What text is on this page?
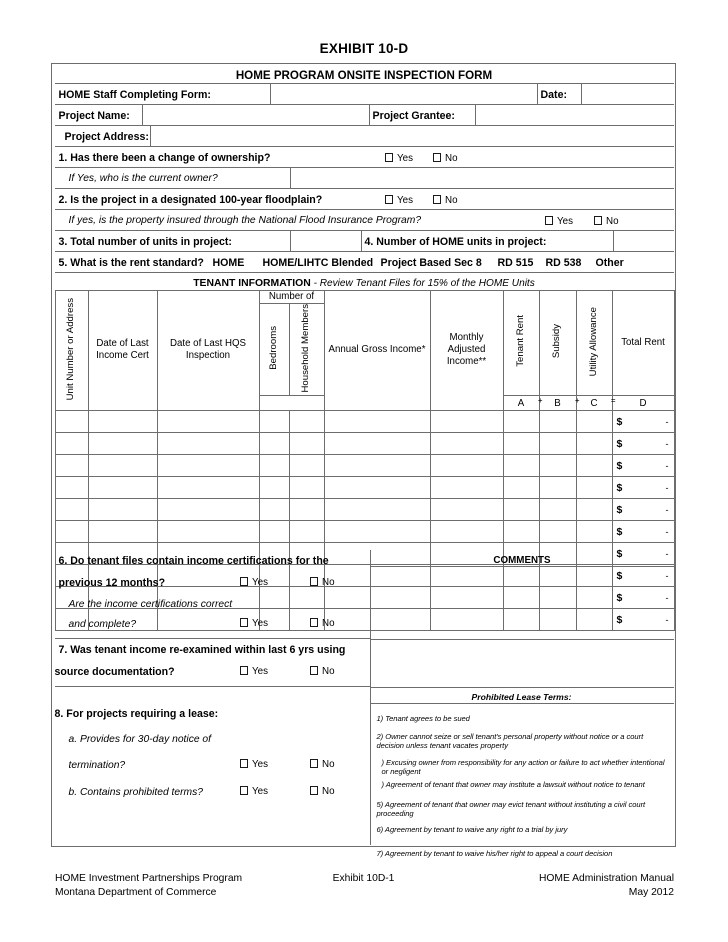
EXHIBIT 10-D
HOME PROGRAM ONSITE INSPECTION FORM
HOME Staff Completing Form:	Date:
Project Name:	Project Grantee:
Project Address:
1. Has there been a change of ownership?	Yes	No
If Yes, who is the current owner?
2. Is the project in a designated 100-year floodplain?	Yes	No
If yes, is the property insured through the National Flood Insurance Program?	Yes	No
3. Total number of units in project:	4. Number of HOME units in project:
5. What is the rent standard? HOME HOME/LIHTC Blended Project Based Sec 8 RD 515 RD 538 Other
TENANT INFORMATION - Review Tenant Files for 15% of the HOME Units
Unit Number or Address	Date of Last Income Cert	Date of Last HQS Inspection	Number of		Annual Gross Income*	Monthly Adjusted Income**	Tenant Rent	Subsidy	Utility Allowance	Total Rent
			Bedrooms	Household Members						
							A +	B +	C =	D

										$ -

										$ -

										$ -

										$ -

										$ -

										$ -

										$ -

										$ -

										$ -

										$ -
COMMENTS
6. Do tenant files contain income certifications for the
previous 12 months?	Yes	No
Are the income certifications correct
and complete?	Yes	No
7. Was tenant income re-examined within last 6 yrs using
source documentation?	Yes	No
Prohibited Lease Terms:
8. For projects requiring a lease:
a. Provides for 30-day notice of
termination?	Yes	No
b. Contains prohibited terms?	Yes	No
1) Tenant agrees to be sued
2) Owner cannot seize or sell tenant's personal property without notice or a court decision unless tenant vacates property
) Excusing owner from responsibility for any action or failure to act whether intentional or negligent
) Agreement of tenant that owner may institute a lawsuit without notice to tenant
5) Agreement of tenant that owner may evict tenant without instituting a civil court proceeding
6) Agreement by tenant to waive any right to a trial by jury
7) Agreement by tenant to waive his/her right to appeal a court decision
HOME Investment Partnerships Program
Montana Department of Commerce
Exhibit 10D-1	HOME Administration Manual
May 2012
